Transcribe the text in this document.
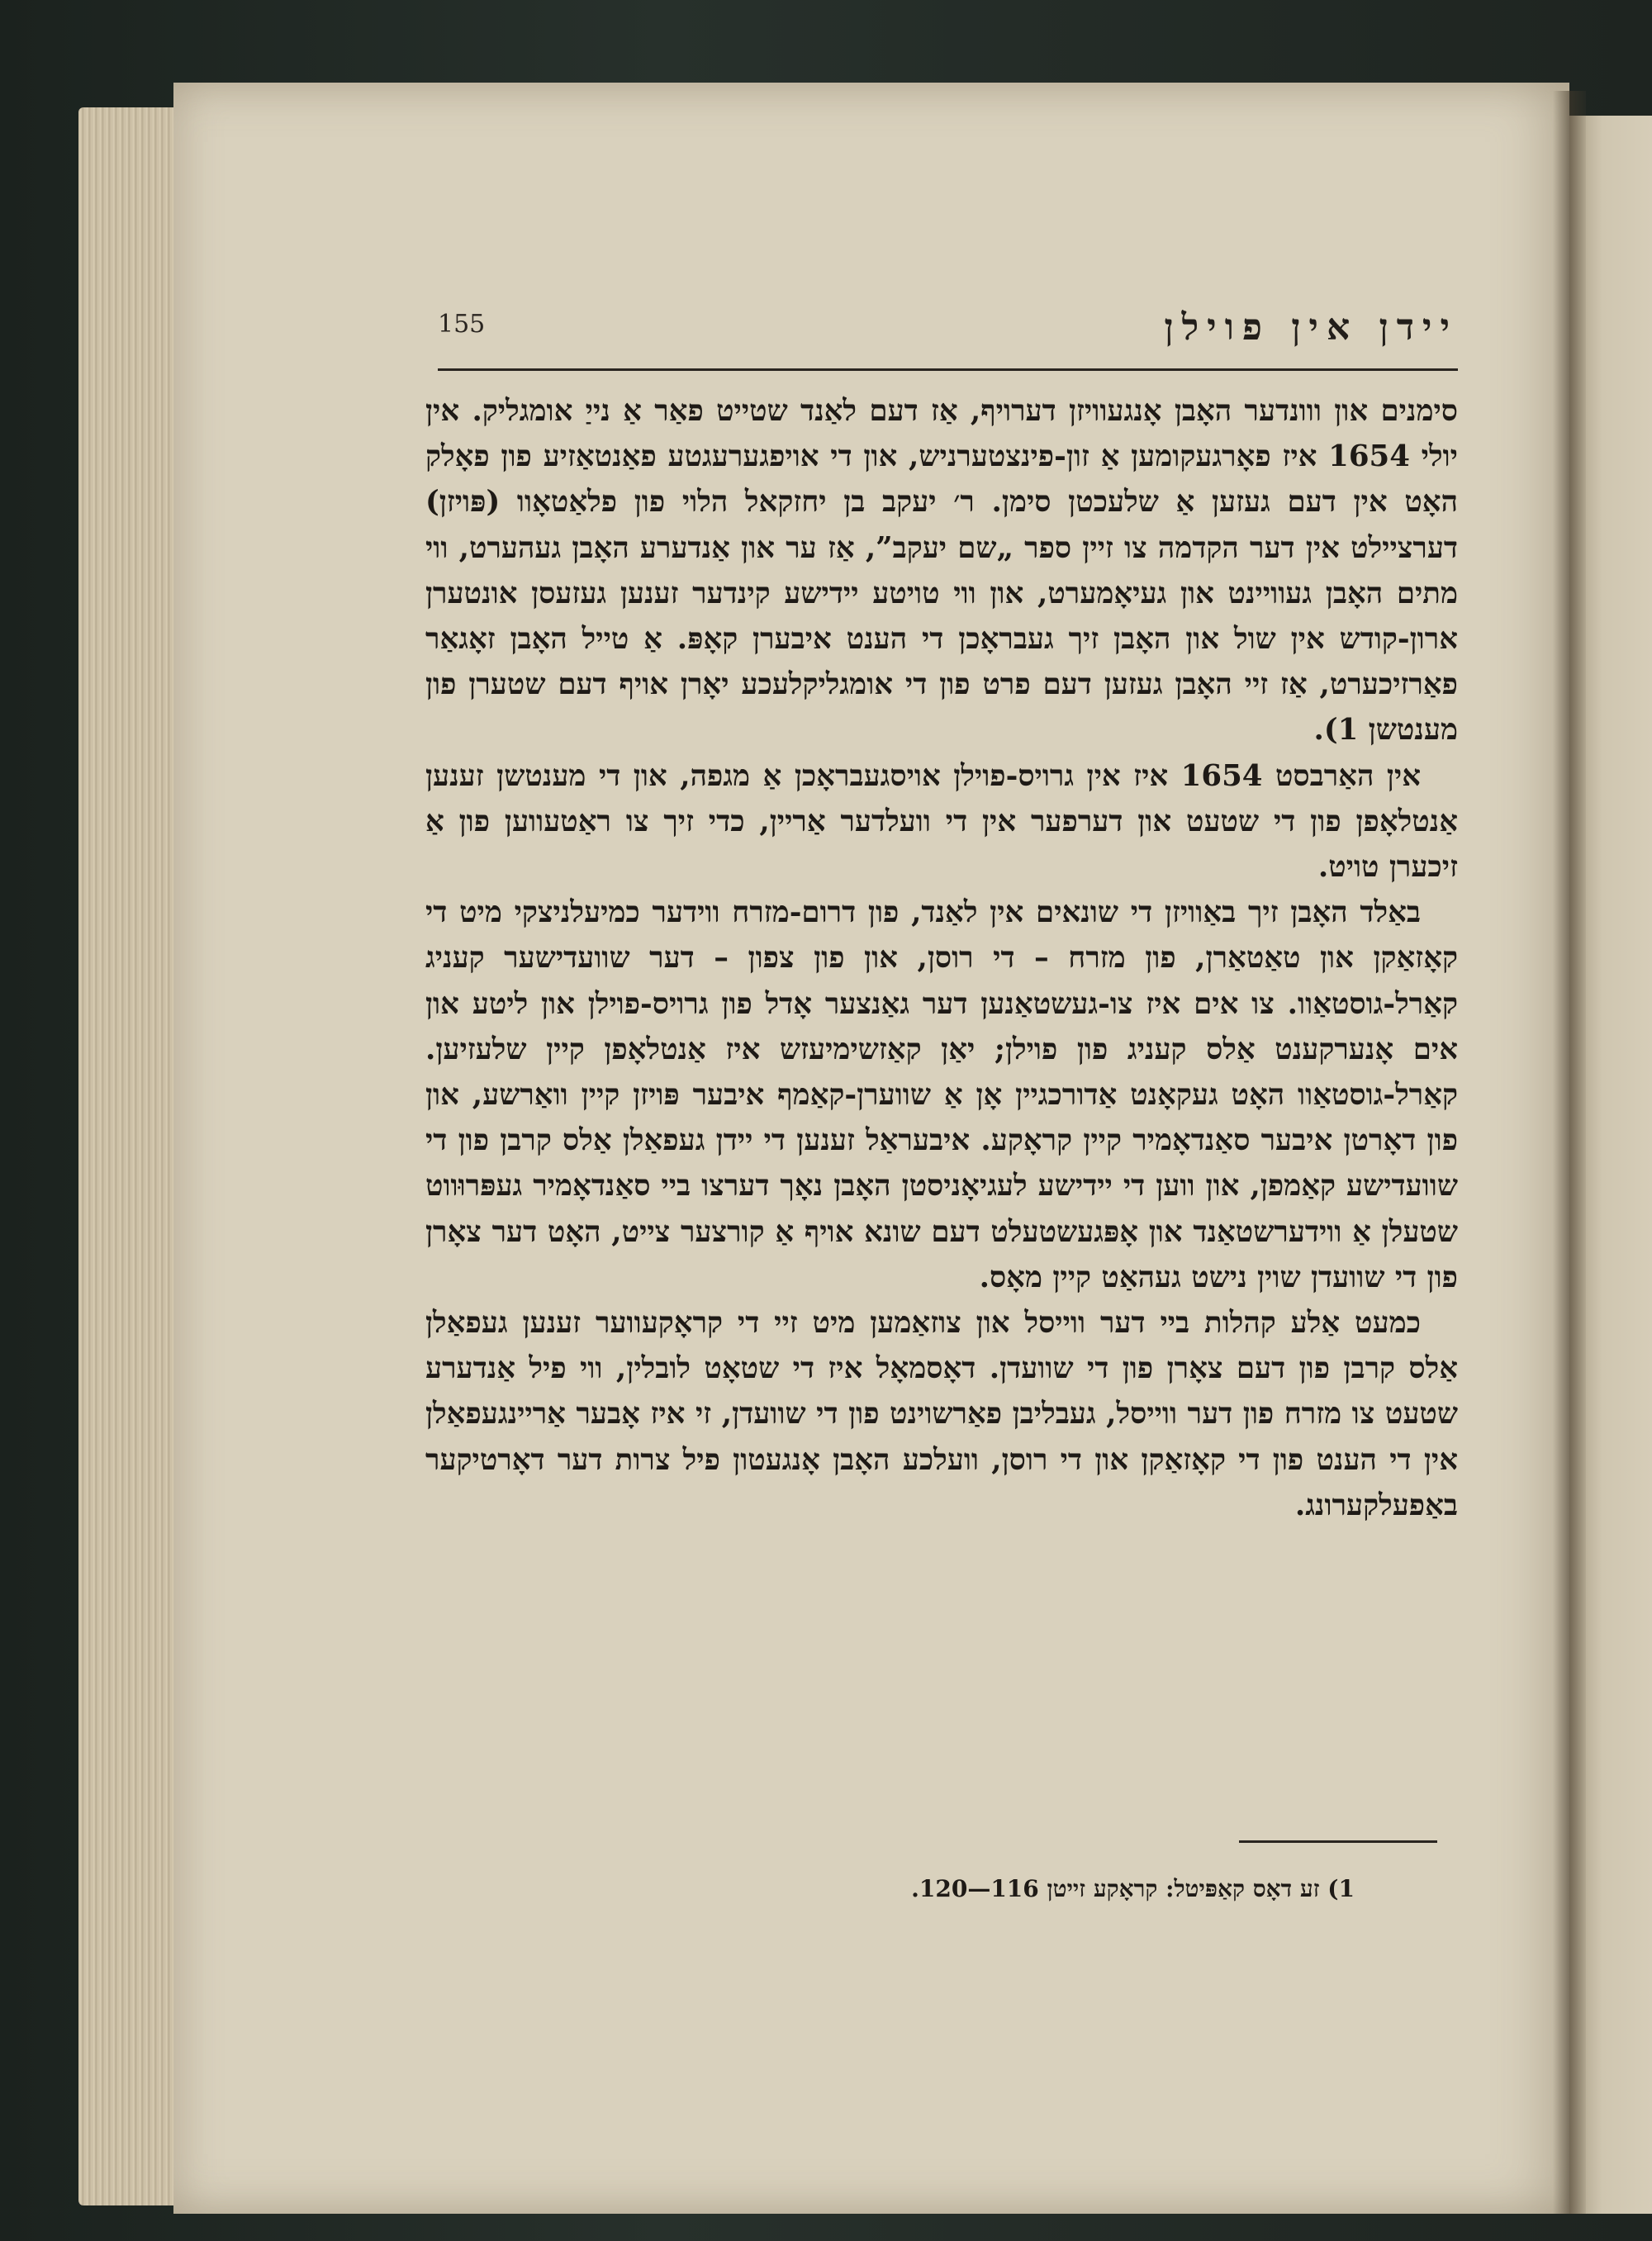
155	יידן אין פוילן

סימנים און ווונדער האָבן אָנגעוויזן דערויף, אַז דעם לאַנד שטייט פאַר אַ נייַ אומגליק. אין יולי 1654 איז פאָרגעקומען אַ זון-פינצטערניש, און די אויפגערעגטע פאַנטאַזיע פון פאָלק האָט אין דעם געזען אַ שלעכטן סימן. ר׳ יעקב בן יחזקאל הלוי פון פלאַטאָוו (פּויזן) דערציילט אין דער הקדמה צו זיין ספר „שם יעקב”, אַז ער און אַנדערע האָבן געהערט, ווי מתים האָבן געוויינט און געיאָמערט, און ווי טויטע יידישע קינדער זענען געזעסן אונטערן ארון-קודש אין שול און האָבן זיך געבראָכן די הענט איבערן קאָפּ. אַ טייל האָבן זאָגאַר פאַרזיכערט, אַז זיי האָבן געזען דעם פרט פון די אומגליקלעכע יאָרן אויף דעם שטערן פון מענטשן 1).

אין האַרבסט 1654 איז אין גרויס-פוילן אויסגעבראָכן אַ מגפה, און די מענטשן זענען אַנטלאָפן פון די שטעט און דערפער אין די וועלדער אַריין, כדי זיך צו ראַטעווען פון אַ זיכערן טויט.

באַלד האָבן זיך באַוויזן די שונאים אין לאַנד, פון דרום-מזרח ווידער כמיעלניצקי מיט די קאָזאַקן און טאַטאַרן, פון מזרח – די רוסן, און פון צפון – דער שוועדישער קעניג קאַרל-גוסטאַוו. צו אים איז צו-געשטאַנען דער גאַנצער אָדל פון גרויס-פוילן און ליטע און אים אָנערקענט אַלס קעניג פון פוילן; יאַן קאַזשימיעזש איז אַנטלאָפן קיין שלעזיען. קאַרל-גוסטאַוו האָט געקאָנט אַדורכגיין אָן אַ שווערן-קאַמף איבער פּויזן קיין וואַרשע, און פון דאָרטן איבער סאַנדאָמיר קיין קראָקע. איבעראַל זענען די יידן געפאַלן אַלס קרבן פון די שוועדישע קאַמפן, און ווען די יידישע לעגיאָניסטן האָבן נאָך דערצו ביי סאַנדאָמיר געפּרוּווט שטעלן אַ ווידערשטאַנד און אָפּגעשטעלט דעם שונא אויף אַ קורצער צייט, האָט דער צאָרן פון די שוועדן שוין נישט געהאַט קיין מאָס.

כמעט אַלע קהלות ביי דער ווייסל און צוזאַמען מיט זיי די קראָקעווער זענען געפאַלן אַלס קרבן פון דעם צאָרן פון די שוועדן. דאָסמאָל איז די שטאָט לובלין, ווי פיל אַנדערע שטעט צו מזרח פון דער ווייסל, געבליבן פאַרשוינט פון די שוועדן, זי איז אָבער אַריינגעפאַלן אין די הענט פון די קאָזאַקן און די רוסן, וועלכע האָבן אָנגעטון פיל צרות דער דאָרטיקער באַפעלקערונג.

1) זע דאָס קאַפּיטל: קראָקע זייטן 116—120.
